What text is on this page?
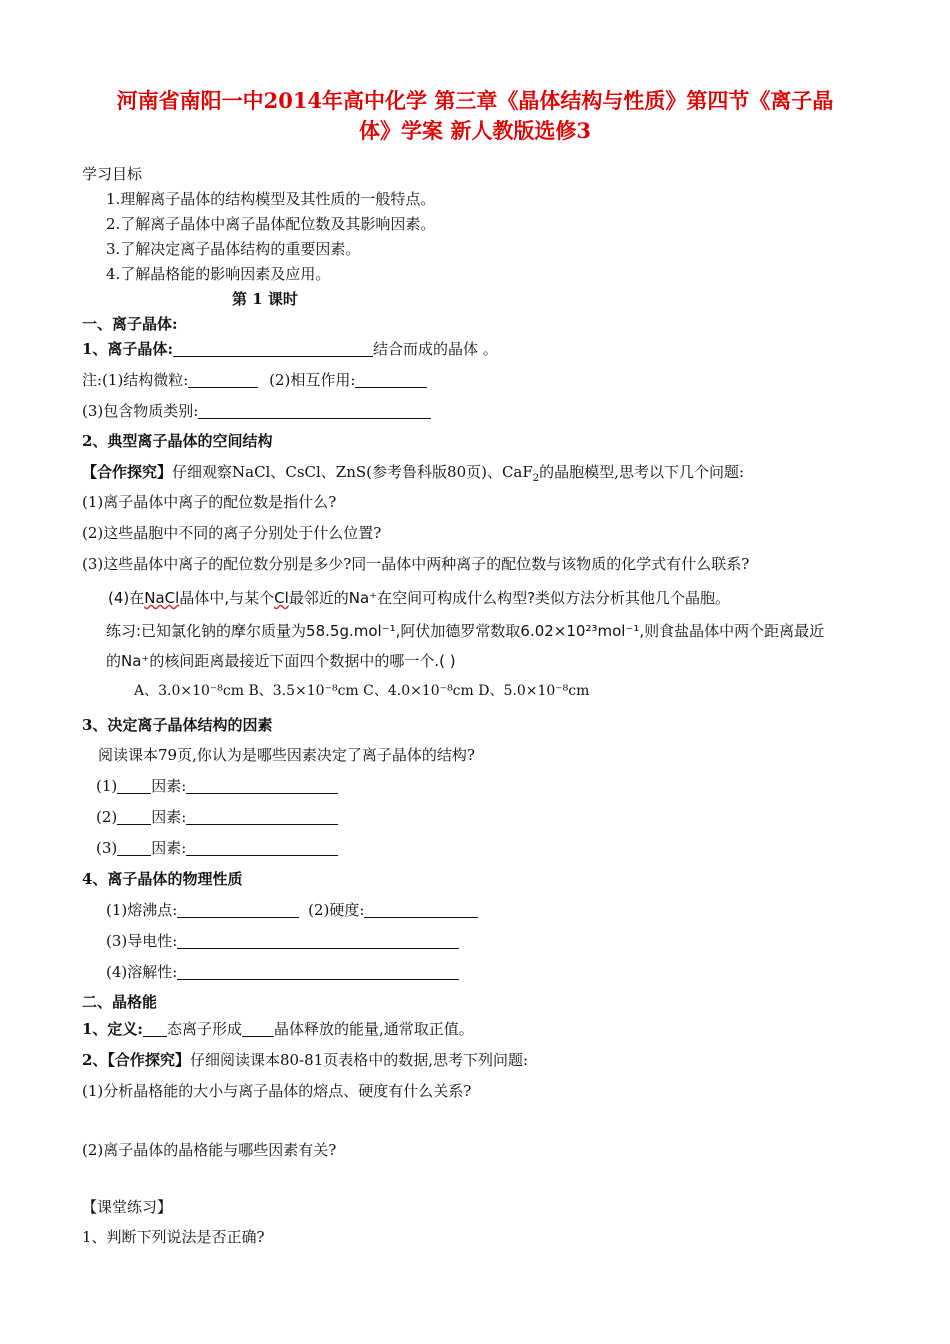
河南省南阳一中2014年高中化学 第三章《晶体结构与性质》第四节《离子晶
体》学案 新人教版选修3
学习目标
1.理解离子晶体的结构模型及其性质的一般特点。
2.了解离子晶体中离子晶体配位数及其影响因素。
3.了解决定离子晶体结构的重要因素。
4.了解晶格能的影响因素及应用。
第 1 课时
一、离子晶体:
1、离子晶体:	结合而成的晶体 。
注:(1)结构微粒:	(2)相互作用:
(3)包含物质类别:
2、典型离子晶体的空间结构
【合作探究】仔细观察NaCl、CsCl、ZnS(参考鲁科版80页)、CaF$_2$的晶胞模型,思考以下几个问题:
(1)离子晶体中离子的配位数是指什么?
(2)这些晶胞中不同的离子分别处于什么位置?
(3)这些晶体中离子的配位数分别是多少?同一晶体中两种离子的配位数与该物质的化学式有什么联系?
(4)在NaCl晶体中,与某个Cl最邻近的Na⁺在空间可构成什么构型?类似方法分析其他几个晶胞。
练习:已知氯化钠的摩尔质量为58.5g.mol⁻¹,阿伏加德罗常数取6.02×10²³mol⁻¹,则食盐晶体中两个距离最近
的Na⁺的核间距离最接近下面四个数据中的哪一个.( )
A、3.0×10⁻⁸cm B、3.5×10⁻⁸cm C、4.0×10⁻⁸cm D、5.0×10⁻⁸cm
3、决定离子晶体结构的因素
阅读课本79页,你认为是哪些因素决定了离子晶体的结构?
(1) 因素:
(2) 因素:
(3) 因素:
4、离子晶体的物理性质
(1)熔沸点:	(2)硬度:
(3)导电性:
(4)溶解性:
二、晶格能
1、定义: 态离子形成 晶体释放的能量,通常取正值。
2、【合作探究】仔细阅读课本80-81页表格中的数据,思考下列问题:
(1)分析晶格能的大小与离子晶体的熔点、硬度有什么关系?
(2)离子晶体的晶格能与哪些因素有关?
【课堂练习】
1、判断下列说法是否正确?
